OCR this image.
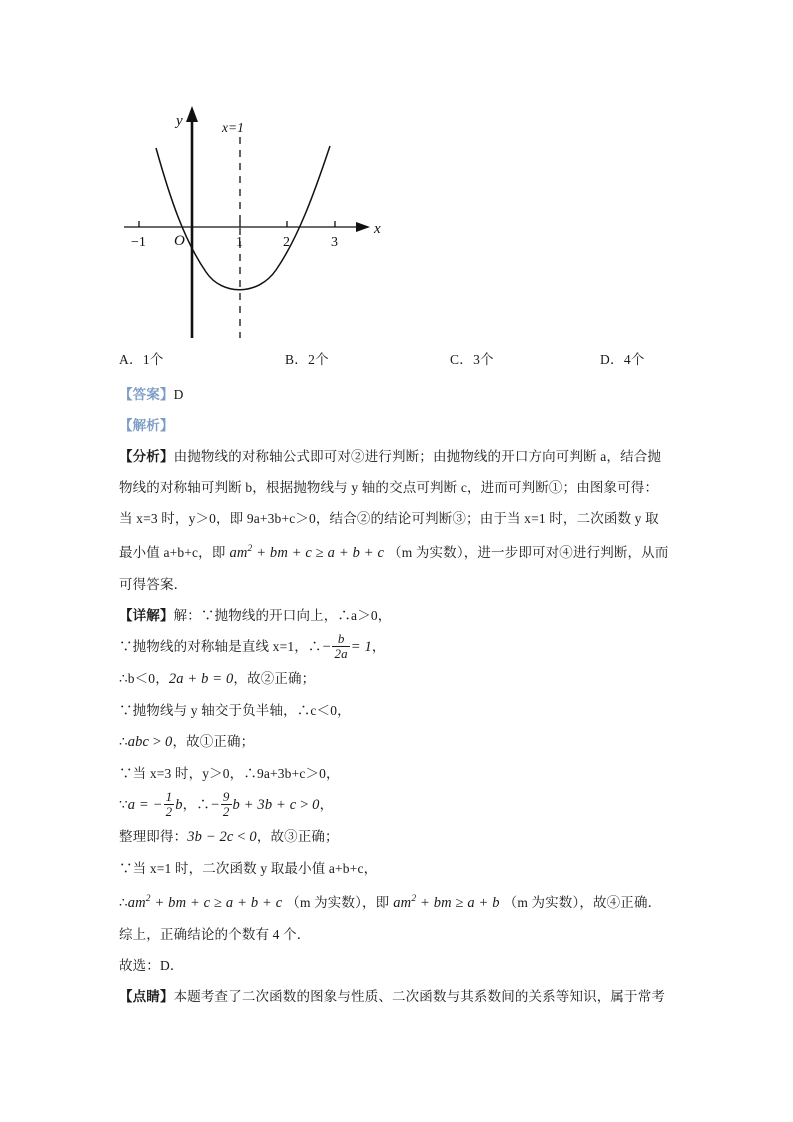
y
x
O
−1	1	2	3
x=1
A．1个	B．2个	C．3个	D．4个

【答案】D

【解析】

【分析】由抛物线的对称轴公式即可对②进行判断；由抛物线的开口方向可判断 a，结合抛

物线的对称轴可判断 b，根据抛物线与 y 轴的交点可判断 c，进而可判断①；由图象可得：

当 x=3 时，y＞0，即 9a+3b+c＞0，结合②的结论可判断③；由于当 x=1 时，二次函数 y 取

最小值 a+b+c，即 $am^2$ + bm + c ≥ a + b + c （m 为实数），进一步即可对④进行判断，从而

可得答案．

【详解】解：∵抛物线的开口向上，∴a＞0，

∵抛物线的对称轴是直线 x=1，∴− $\frac{b}{2a} = 1$，

∴b＜0，2a + b = 0，故②正确；

∵抛物线与 y 轴交于负半轴，∴c＜0，

∴abc > 0，故①正确；

∵当 x=3 时，y＞0，∴9a+3b+c＞0，

∵a = − $\frac{1}{2}$ b，∴− $\frac{9}{2}$ b + 3b + c > 0，

整理即得：3b − 2c < 0，故③正确；

∵当 x=1 时，二次函数 y 取最小值 a+b+c，

$\therefore am^2$ + bm + c ≥ a + b + c （m 为实数），即 $am^2$ + bm ≥ a + b （m 为实数），故④正确．

综上，正确结论的个数有 4 个．

故选：D．

【点睛】本题考查了二次函数的图象与性质、二次函数与其系数间的关系等知识，属于常考
